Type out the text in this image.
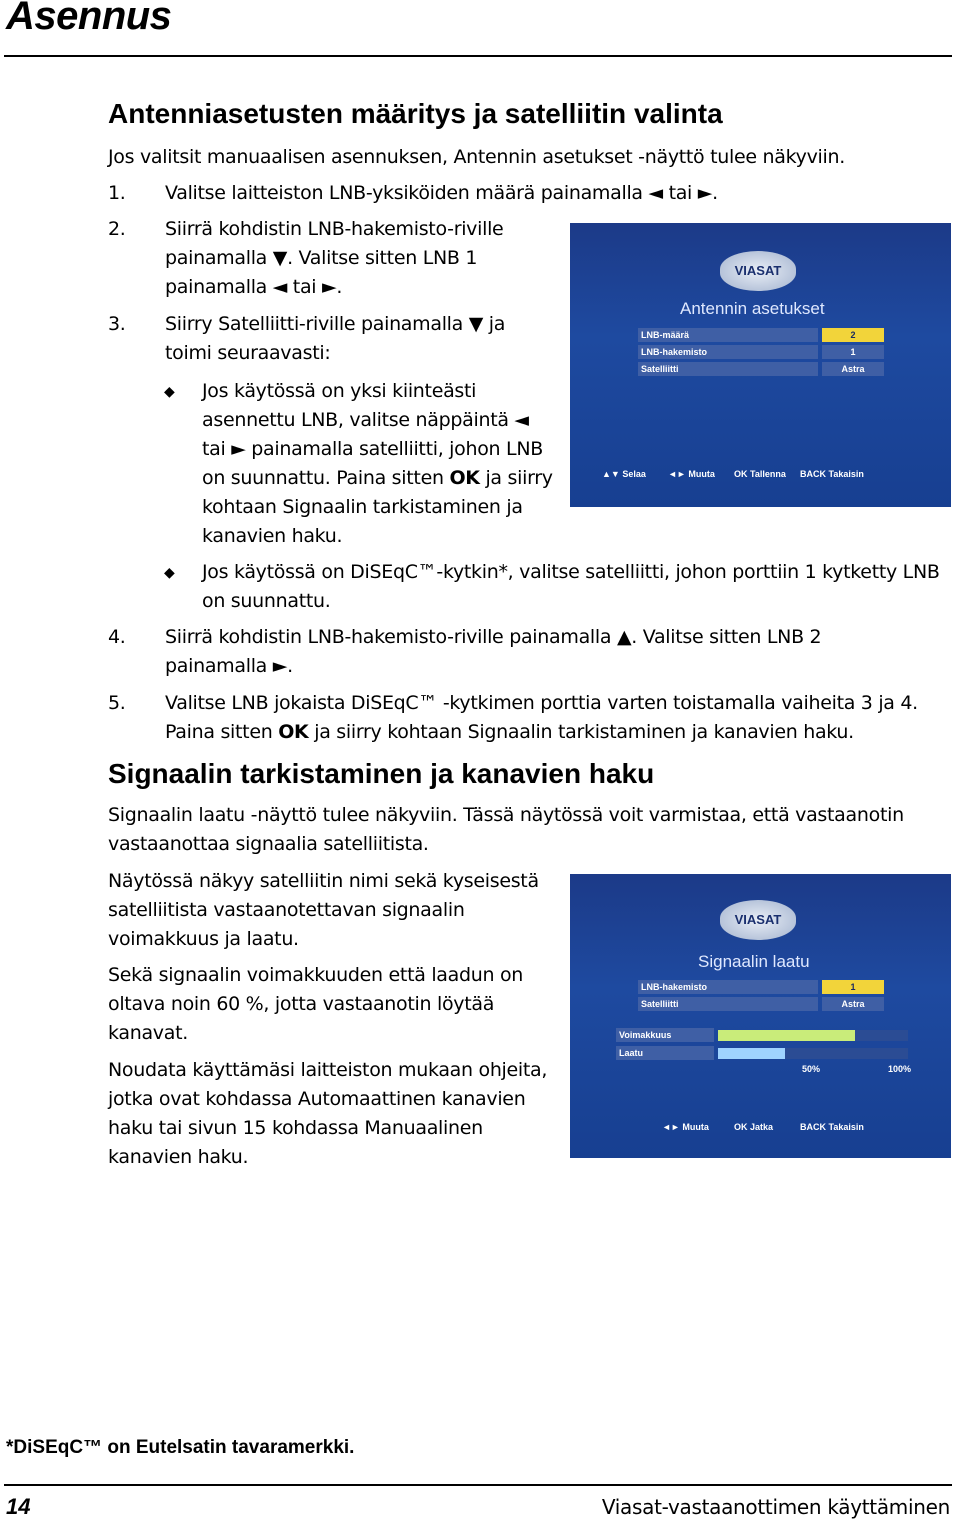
Asennus
Antenniasetusten määritys ja satelliitin valinta
Jos valitsit manuaalisen asennuksen, Antennin asetukset -näyttö tulee näkyviin.
1.	Valitse laitteiston LNB-yksiköiden määrä painamalla ◄ tai ►.
2.	Siirrä kohdistin LNB-hakemisto-riville painamalla ▼. Valitse sitten LNB 1 painamalla ◄ tai ►.
3.	Siirry Satelliitti-riville painamalla ▼ ja toimi seuraavasti:
◆	Jos käytössä on yksi kiinteästi asennettu LNB, valitse näppäintä ◄ tai ► painamalla satelliitti, johon LNB on suunnattu. Paina sitten OK ja siirry kohtaan Signaalin tarkistaminen ja kanavien haku.
◆	Jos käytössä on DiSEqC™-kytkin*, valitse satelliitti, johon porttiin 1 kytketty LNB on suunnattu.
4.	Siirrä kohdistin LNB-hakemisto-riville painamalla ▲. Valitse sitten LNB 2 painamalla ►.
5.	Valitse LNB jokaista DiSEqC™ -kytkimen porttia varten toistamalla vaiheita 3 ja 4. Paina sitten OK ja siirry kohtaan Signaalin tarkistaminen ja kanavien haku.
VIASAT
Antennin asetukset
LNB-määrä	2
LNB-hakemisto	1
Satelliitti	Astra
▲▼ Selaa ◄► Muuta OK Tallenna BACK Takaisin
Signaalin tarkistaminen ja kanavien haku
Signaalin laatu -näyttö tulee näkyviin. Tässä näytössä voit varmistaa, että vastaanotin vastaanottaa signaalia satelliitista.
Näytössä näkyy satelliitin nimi sekä kyseisestä satelliitista vastaanotettavan signaalin voimakkuus ja laatu.
Sekä signaalin voimakkuuden että laadun on oltava noin 60 %, jotta vastaanotin löytää kanavat.
Noudata käyttämäsi laitteiston mukaan ohjeita, jotka ovat kohdassa Automaattinen kanavien haku tai sivun 15 kohdassa Manuaalinen kanavien haku.
VIASAT
Signaalin laatu
LNB-hakemisto	1
Satelliitti	Astra
Voimakkuus
Laatu
50%	100%
◄► Muuta	OK Jatka	BACK Takaisin
*DiSEqC™ on Eutelsatin tavaramerkki.
14	Viasat-vastaanottimen käyttäminen
